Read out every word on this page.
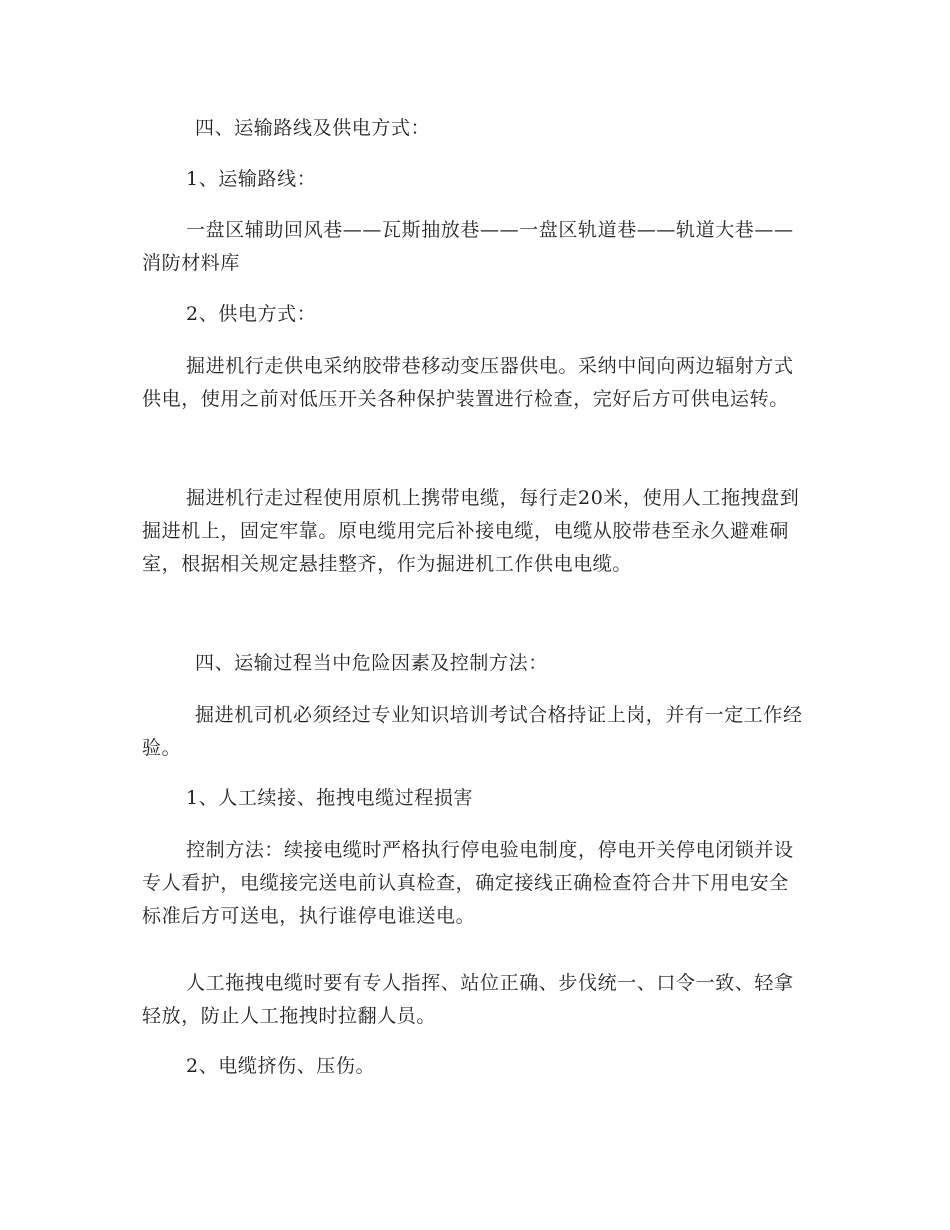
四、运输路线及供电方式：

1、运输路线：

一盘区辅助回风巷——瓦斯抽放巷——一盘区轨道巷——轨道大巷——消防材料库

2、供电方式：

掘进机行走供电采纳胶带巷移动变压器供电。采纳中间向两边辐射方式供电，使用之前对低压开关各种保护装置进行检查，完好后方可供电运转。

掘进机行走过程使用原机上携带电缆，每行走20米，使用人工拖拽盘到掘进机上，固定牢靠。原电缆用完后补接电缆，电缆从胶带巷至永久避难硐室，根据相关规定悬挂整齐，作为掘进机工作供电电缆。

四、运输过程当中危险因素及控制方法：

掘进机司机必须经过专业知识培训考试合格持证上岗，并有一定工作经验。

1、人工续接、拖拽电缆过程损害

控制方法：续接电缆时严格执行停电验电制度，停电开关停电闭锁并设专人看护，电缆接完送电前认真检查，确定接线正确检查符合井下用电安全标准后方可送电，执行谁停电谁送电。

人工拖拽电缆时要有专人指挥、站位正确、步伐统一、口令一致、轻拿轻放，防止人工拖拽时拉翻人员。

2、电缆挤伤、压伤。
